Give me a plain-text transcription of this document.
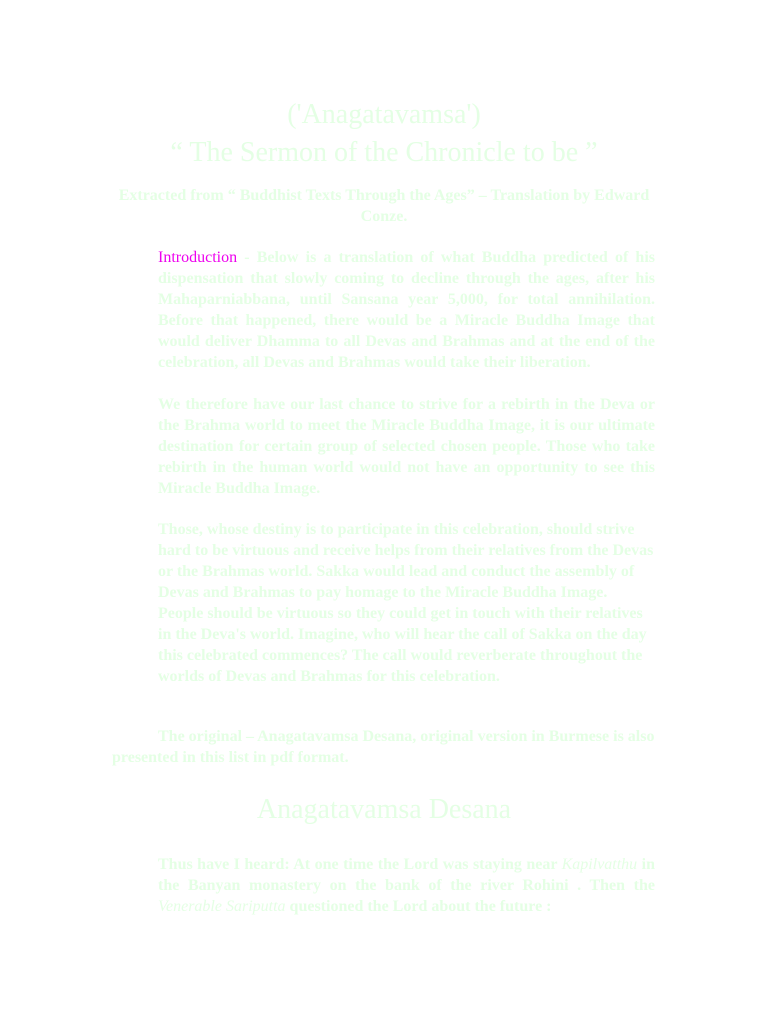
('Anagatavamsa')
“ The Sermon of the Chronicle to be ”
Extracted from “ Buddhist Texts Through the Ages” – Translation by Edward Conze.
Introduction - Below is a translation of what Buddha predicted of his dispensation that slowly coming to decline through the ages, after his Mahaparniabbana, until Sansana year 5,000, for total annihilation. Before that happened, there would be a Miracle Buddha Image that would deliver Dhamma to all Devas and Brahmas and at the end of the celebration, all Devas and Brahmas would take their liberation.
We therefore have our last chance to strive for a rebirth in the Deva or the Brahma world to meet the Miracle Buddha Image, it is our ultimate destination for certain group of selected chosen people. Those who take rebirth in the human world would not have an opportunity to see this Miracle Buddha Image.
Those, whose destiny is to participate in this celebration, should strive hard to be virtuous and receive helps from their relatives from the Devas or the Brahmas world. Sakka would lead and conduct the assembly of Devas and Brahmas to pay homage to the Miracle Buddha Image. People should be virtuous so they could get in touch with their relatives in the Deva's world. Imagine, who will hear the call of Sakka on the day this celebrated commences? The call would reverberate throughout the worlds of Devas and Brahmas for this celebration.
The original – Anagatavamsa Desana, original version in Burmese is also presented in this list in pdf format.
Anagatavamsa Desana
Thus have I heard: At one time the Lord was staying near Kapilvatthu in the Banyan monastery on the bank of the river Rohini . Then the Venerable Sariputta questioned the Lord about the future :
